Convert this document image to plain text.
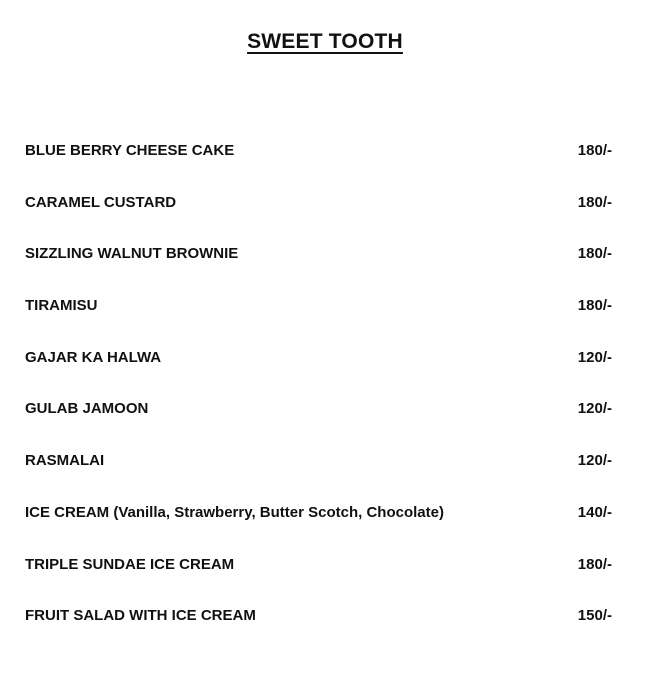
SWEET TOOTH
BLUE BERRY CHEESE CAKE	180/-
CARAMEL CUSTARD	180/-
SIZZLING WALNUT BROWNIE	180/-
TIRAMISU	180/-
GAJAR KA HALWA	120/-
GULAB JAMOON	120/-
RASMALAI	120/-
ICE CREAM (Vanilla, Strawberry, Butter Scotch, Chocolate)	140/-
TRIPLE SUNDAE ICE CREAM	180/-
FRUIT SALAD WITH ICE CREAM	150/-
